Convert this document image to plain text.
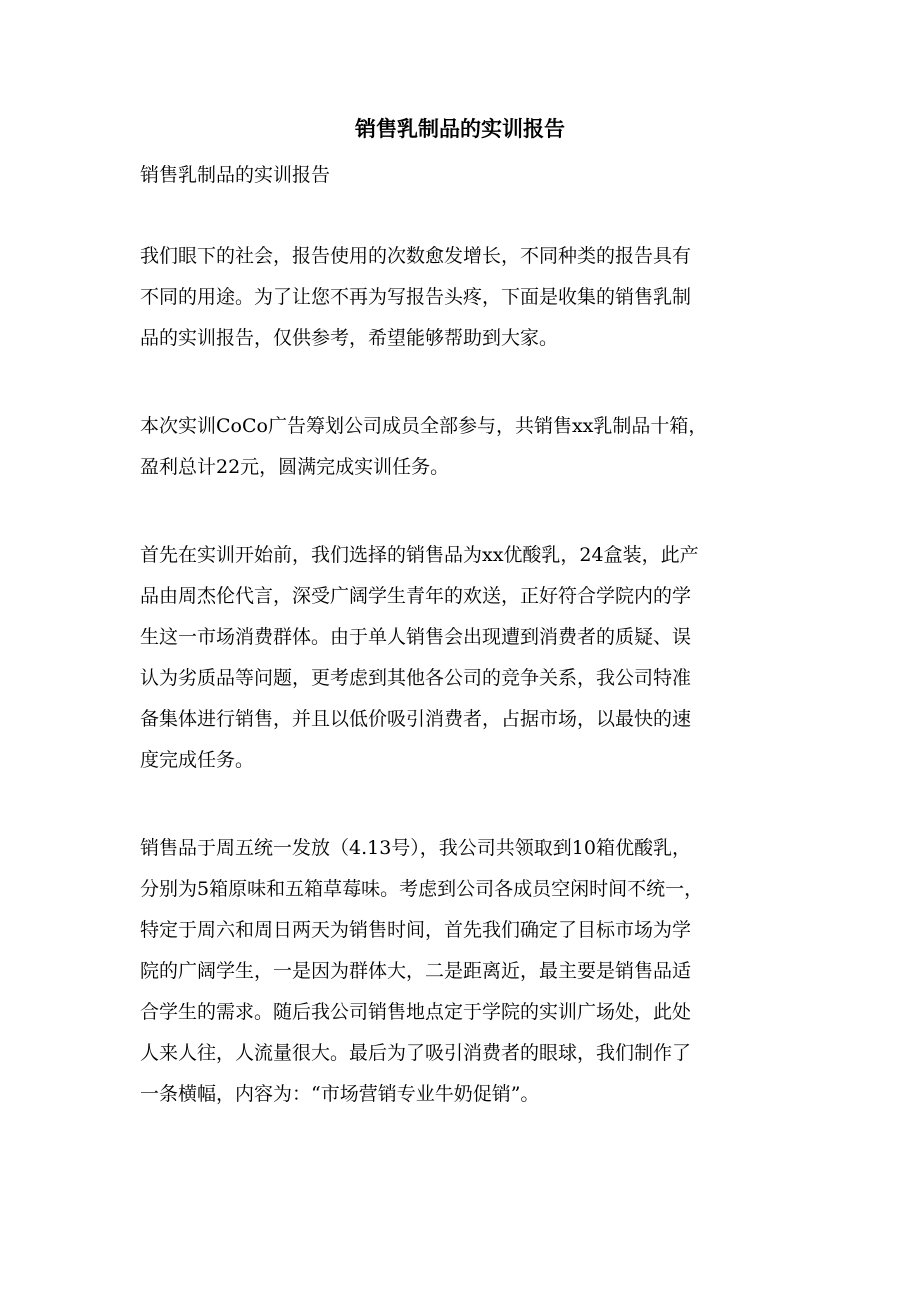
销售乳制品的实训报告

销售乳制品的实训报告

我们眼下的社会，报告使用的次数愈发增长，不同种类的报告具有
不同的用途。为了让您不再为写报告头疼，下面是收集的销售乳制
品的实训报告，仅供参考，希望能够帮助到大家。

本次实训CoCo广告筹划公司成员全部参与，共销售xx乳制品十箱，
盈利总计22元，圆满完成实训任务。

首先在实训开始前，我们选择的销售品为xx优酸乳，24盒装，此产
品由周杰伦代言，深受广阔学生青年的欢送，正好符合学院内的学
生这一市场消费群体。由于单人销售会出现遭到消费者的质疑、误
认为劣质品等问题，更考虑到其他各公司的竞争关系，我公司特准
备集体进行销售，并且以低价吸引消费者，占据市场，以最快的速
度完成任务。

销售品于周五统一发放（4.13号），我公司共领取到10箱优酸乳，
分别为5箱原味和五箱草莓味。考虑到公司各成员空闲时间不统一，
特定于周六和周日两天为销售时间，首先我们确定了目标市场为学
院的广阔学生，一是因为群体大，二是距离近，最主要是销售品适
合学生的需求。随后我公司销售地点定于学院的实训广场处，此处
人来人往，人流量很大。最后为了吸引消费者的眼球，我们制作了
一条横幅，内容为：“市场营销专业牛奶促销”。
